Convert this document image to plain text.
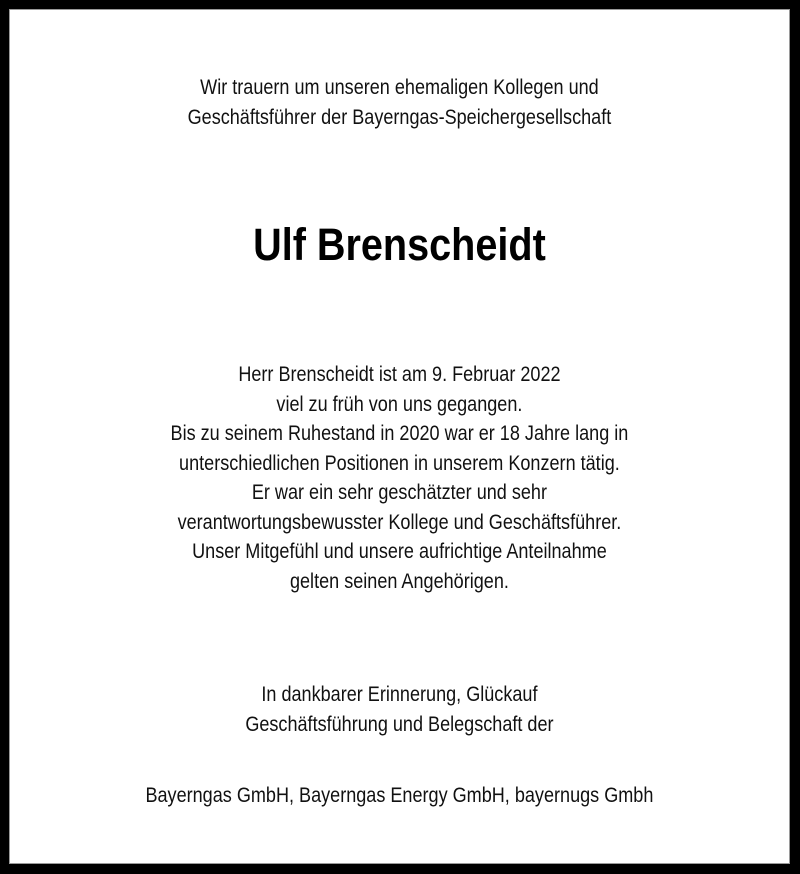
Wir trauern um unseren ehemaligen Kollegen und
Geschäftsführer der Bayerngas-Speichergesellschaft
Ulf Brenscheidt
Herr Brenscheidt ist am 9. Februar 2022
viel zu früh von uns gegangen.
Bis zu seinem Ruhestand in 2020 war er 18 Jahre lang in
unterschiedlichen Positionen in unserem Konzern tätig.
Er war ein sehr geschätzter und sehr
verantwortungsbewusster Kollege und Geschäftsführer.
Unser Mitgefühl und unsere aufrichtige Anteilnahme
gelten seinen Angehörigen.
In dankbarer Erinnerung, Glückauf
Geschäftsführung und Belegschaft der
Bayerngas GmbH, Bayerngas Energy GmbH, bayernugs Gmbh
